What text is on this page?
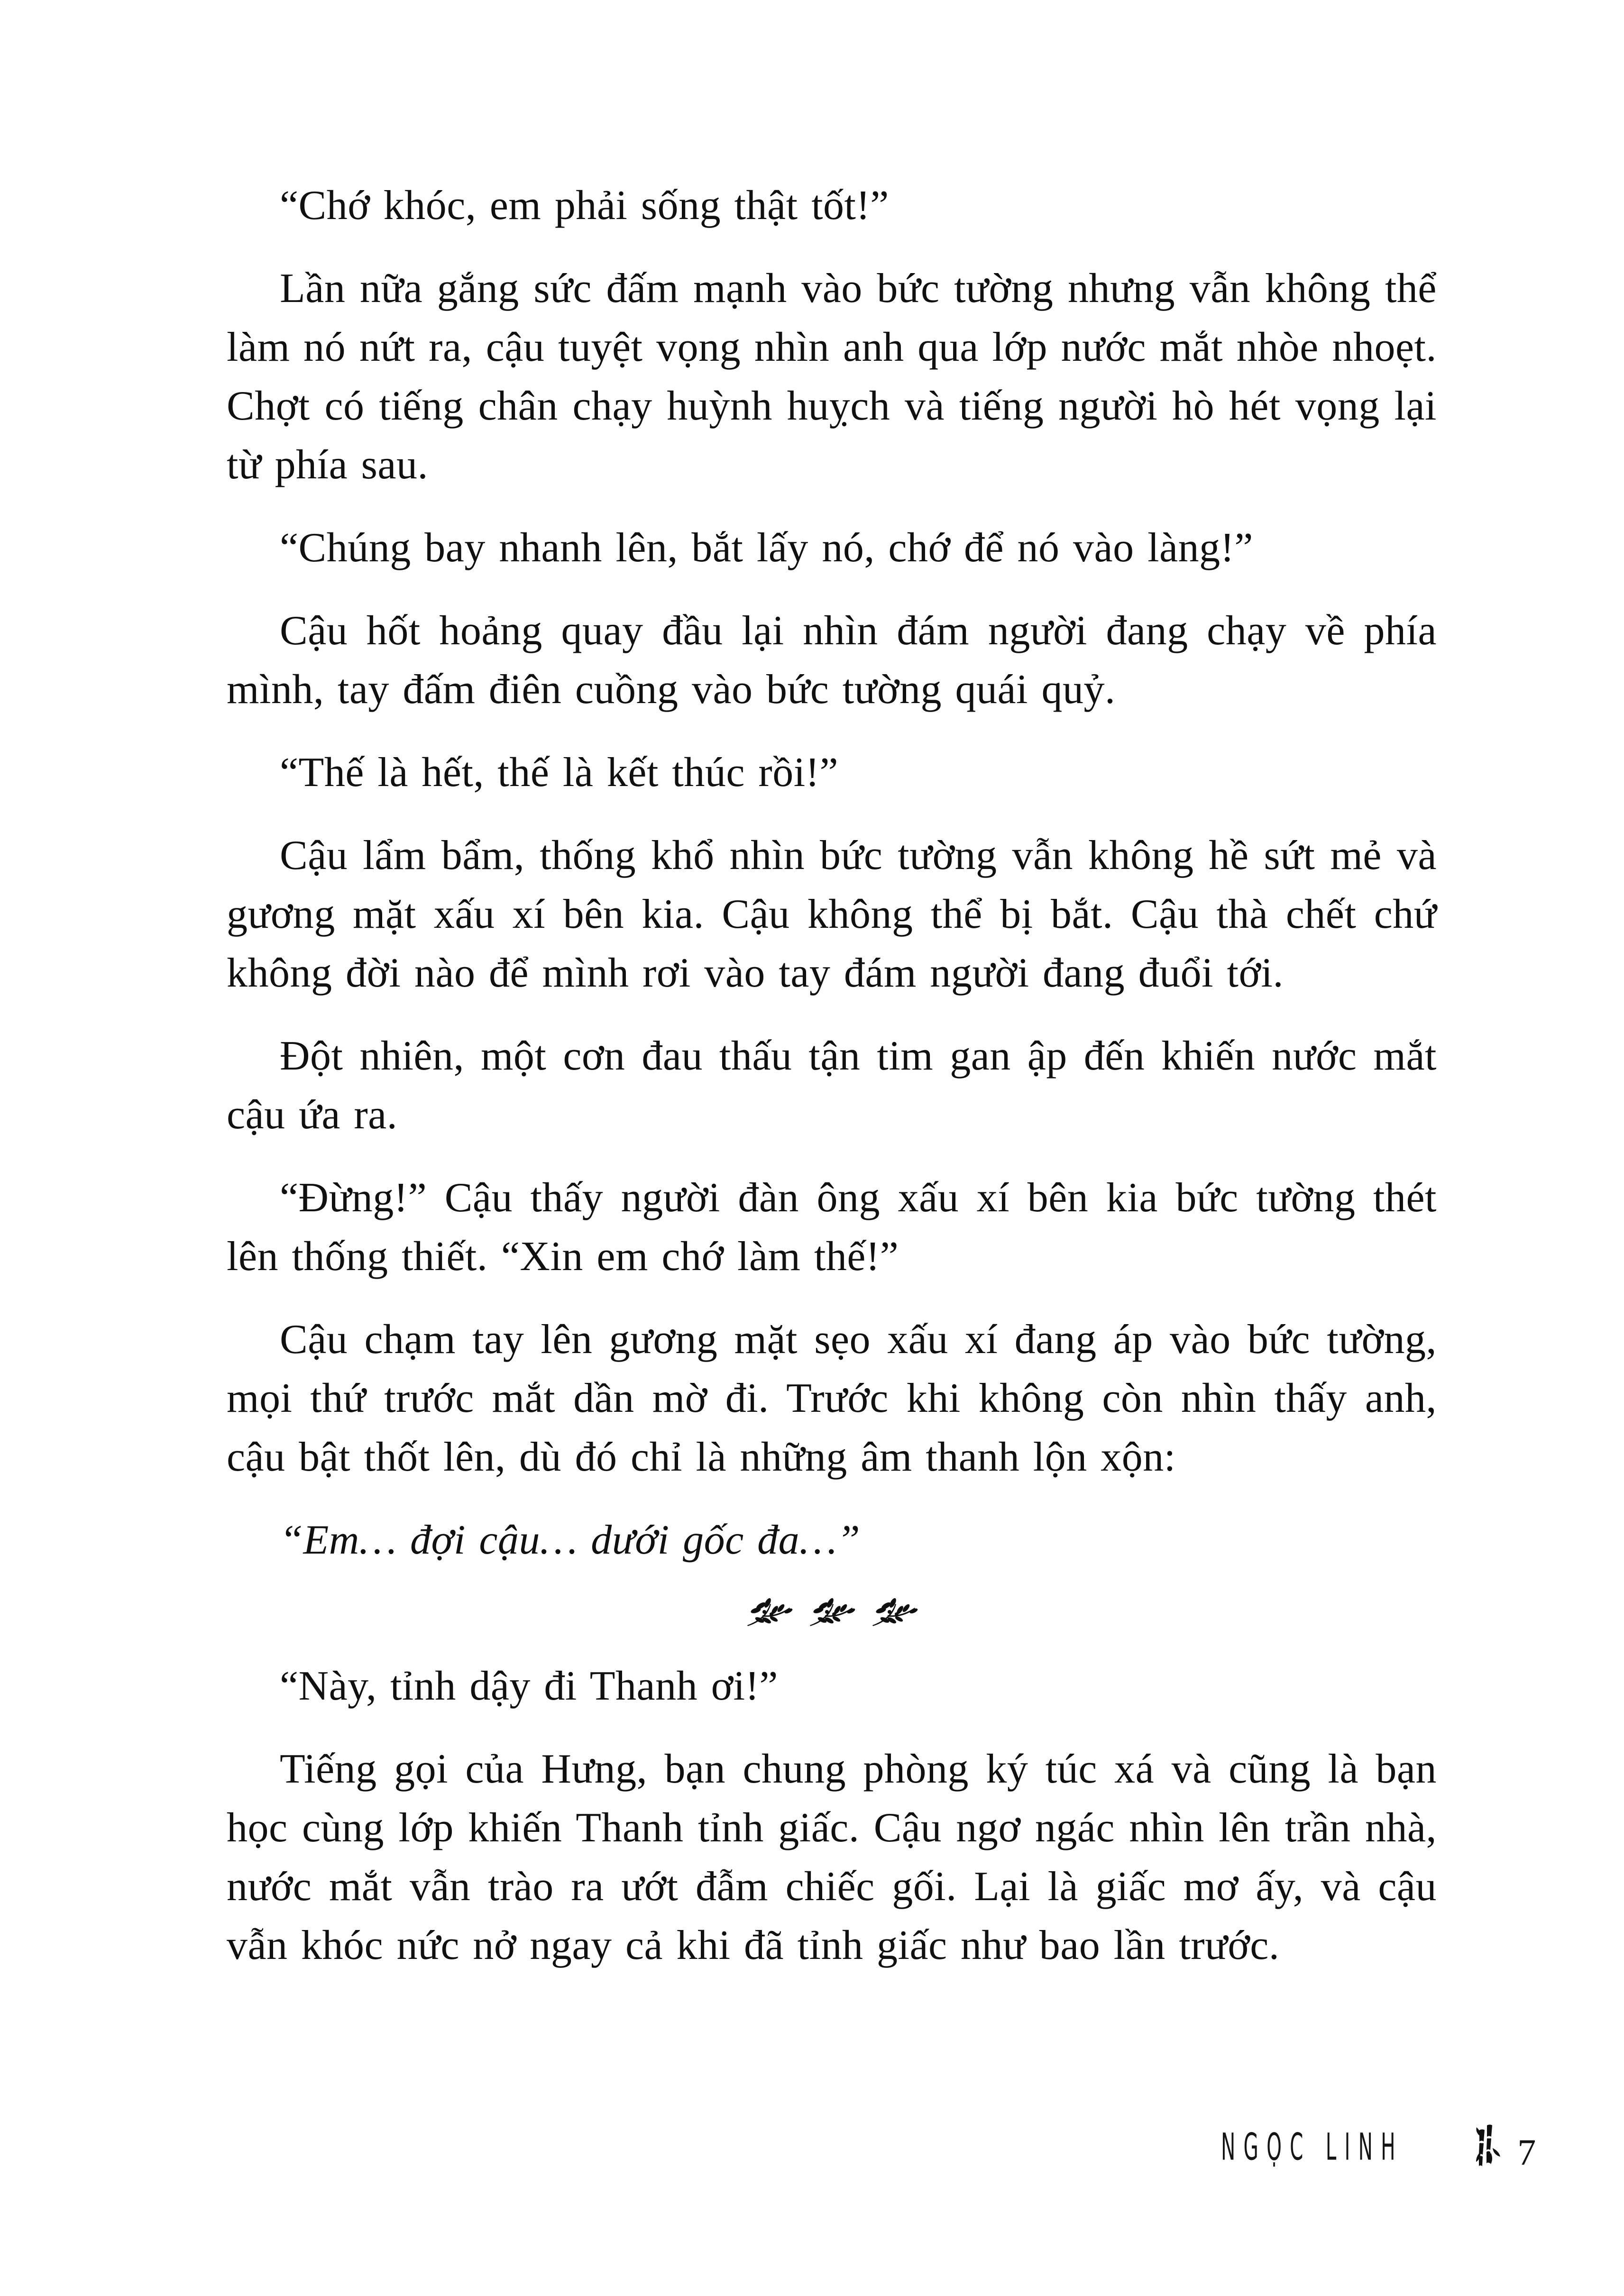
“Chớ khóc, em phải sống thật tốt!”

Lần nữa gắng sức đấm mạnh vào bức tường nhưng vẫn không thể làm nó nứt ra, cậu tuyệt vọng nhìn anh qua lớp nước mắt nhòe nhoẹt. Chợt có tiếng chân chạy huỳnh huỵch và tiếng người hò hét vọng lại từ phía sau.

“Chúng bay nhanh lên, bắt lấy nó, chớ để nó vào làng!”

Cậu hốt hoảng quay đầu lại nhìn đám người đang chạy về phía mình, tay đấm điên cuồng vào bức tường quái quỷ.

“Thế là hết, thế là kết thúc rồi!”

Cậu lẩm bẩm, thống khổ nhìn bức tường vẫn không hề sứt mẻ và gương mặt xấu xí bên kia. Cậu không thể bị bắt. Cậu thà chết chứ không đời nào để mình rơi vào tay đám người đang đuổi tới.

Đột nhiên, một cơn đau thấu tận tim gan ập đến khiến nước mắt cậu ứa ra.

“Đừng!” Cậu thấy người đàn ông xấu xí bên kia bức tường thét lên thống thiết. “Xin em chớ làm thế!”

Cậu chạm tay lên gương mặt sẹo xấu xí đang áp vào bức tường, mọi thứ trước mắt dần mờ đi. Trước khi không còn nhìn thấy anh, cậu bật thốt lên, dù đó chỉ là những âm thanh lộn xộn:

“Em… đợi cậu… dưới gốc đa…”

“Này, tỉnh dậy đi Thanh ơi!”

Tiếng gọi của Hưng, bạn chung phòng ký túc xá và cũng là bạn học cùng lớp khiến Thanh tỉnh giấc. Cậu ngơ ngác nhìn lên trần nhà, nước mắt vẫn trào ra ướt đẫm chiếc gối. Lại là giấc mơ ấy, và cậu vẫn khóc nức nở ngay cả khi đã tỉnh giấc như bao lần trước.

NGỌC LINH	7
